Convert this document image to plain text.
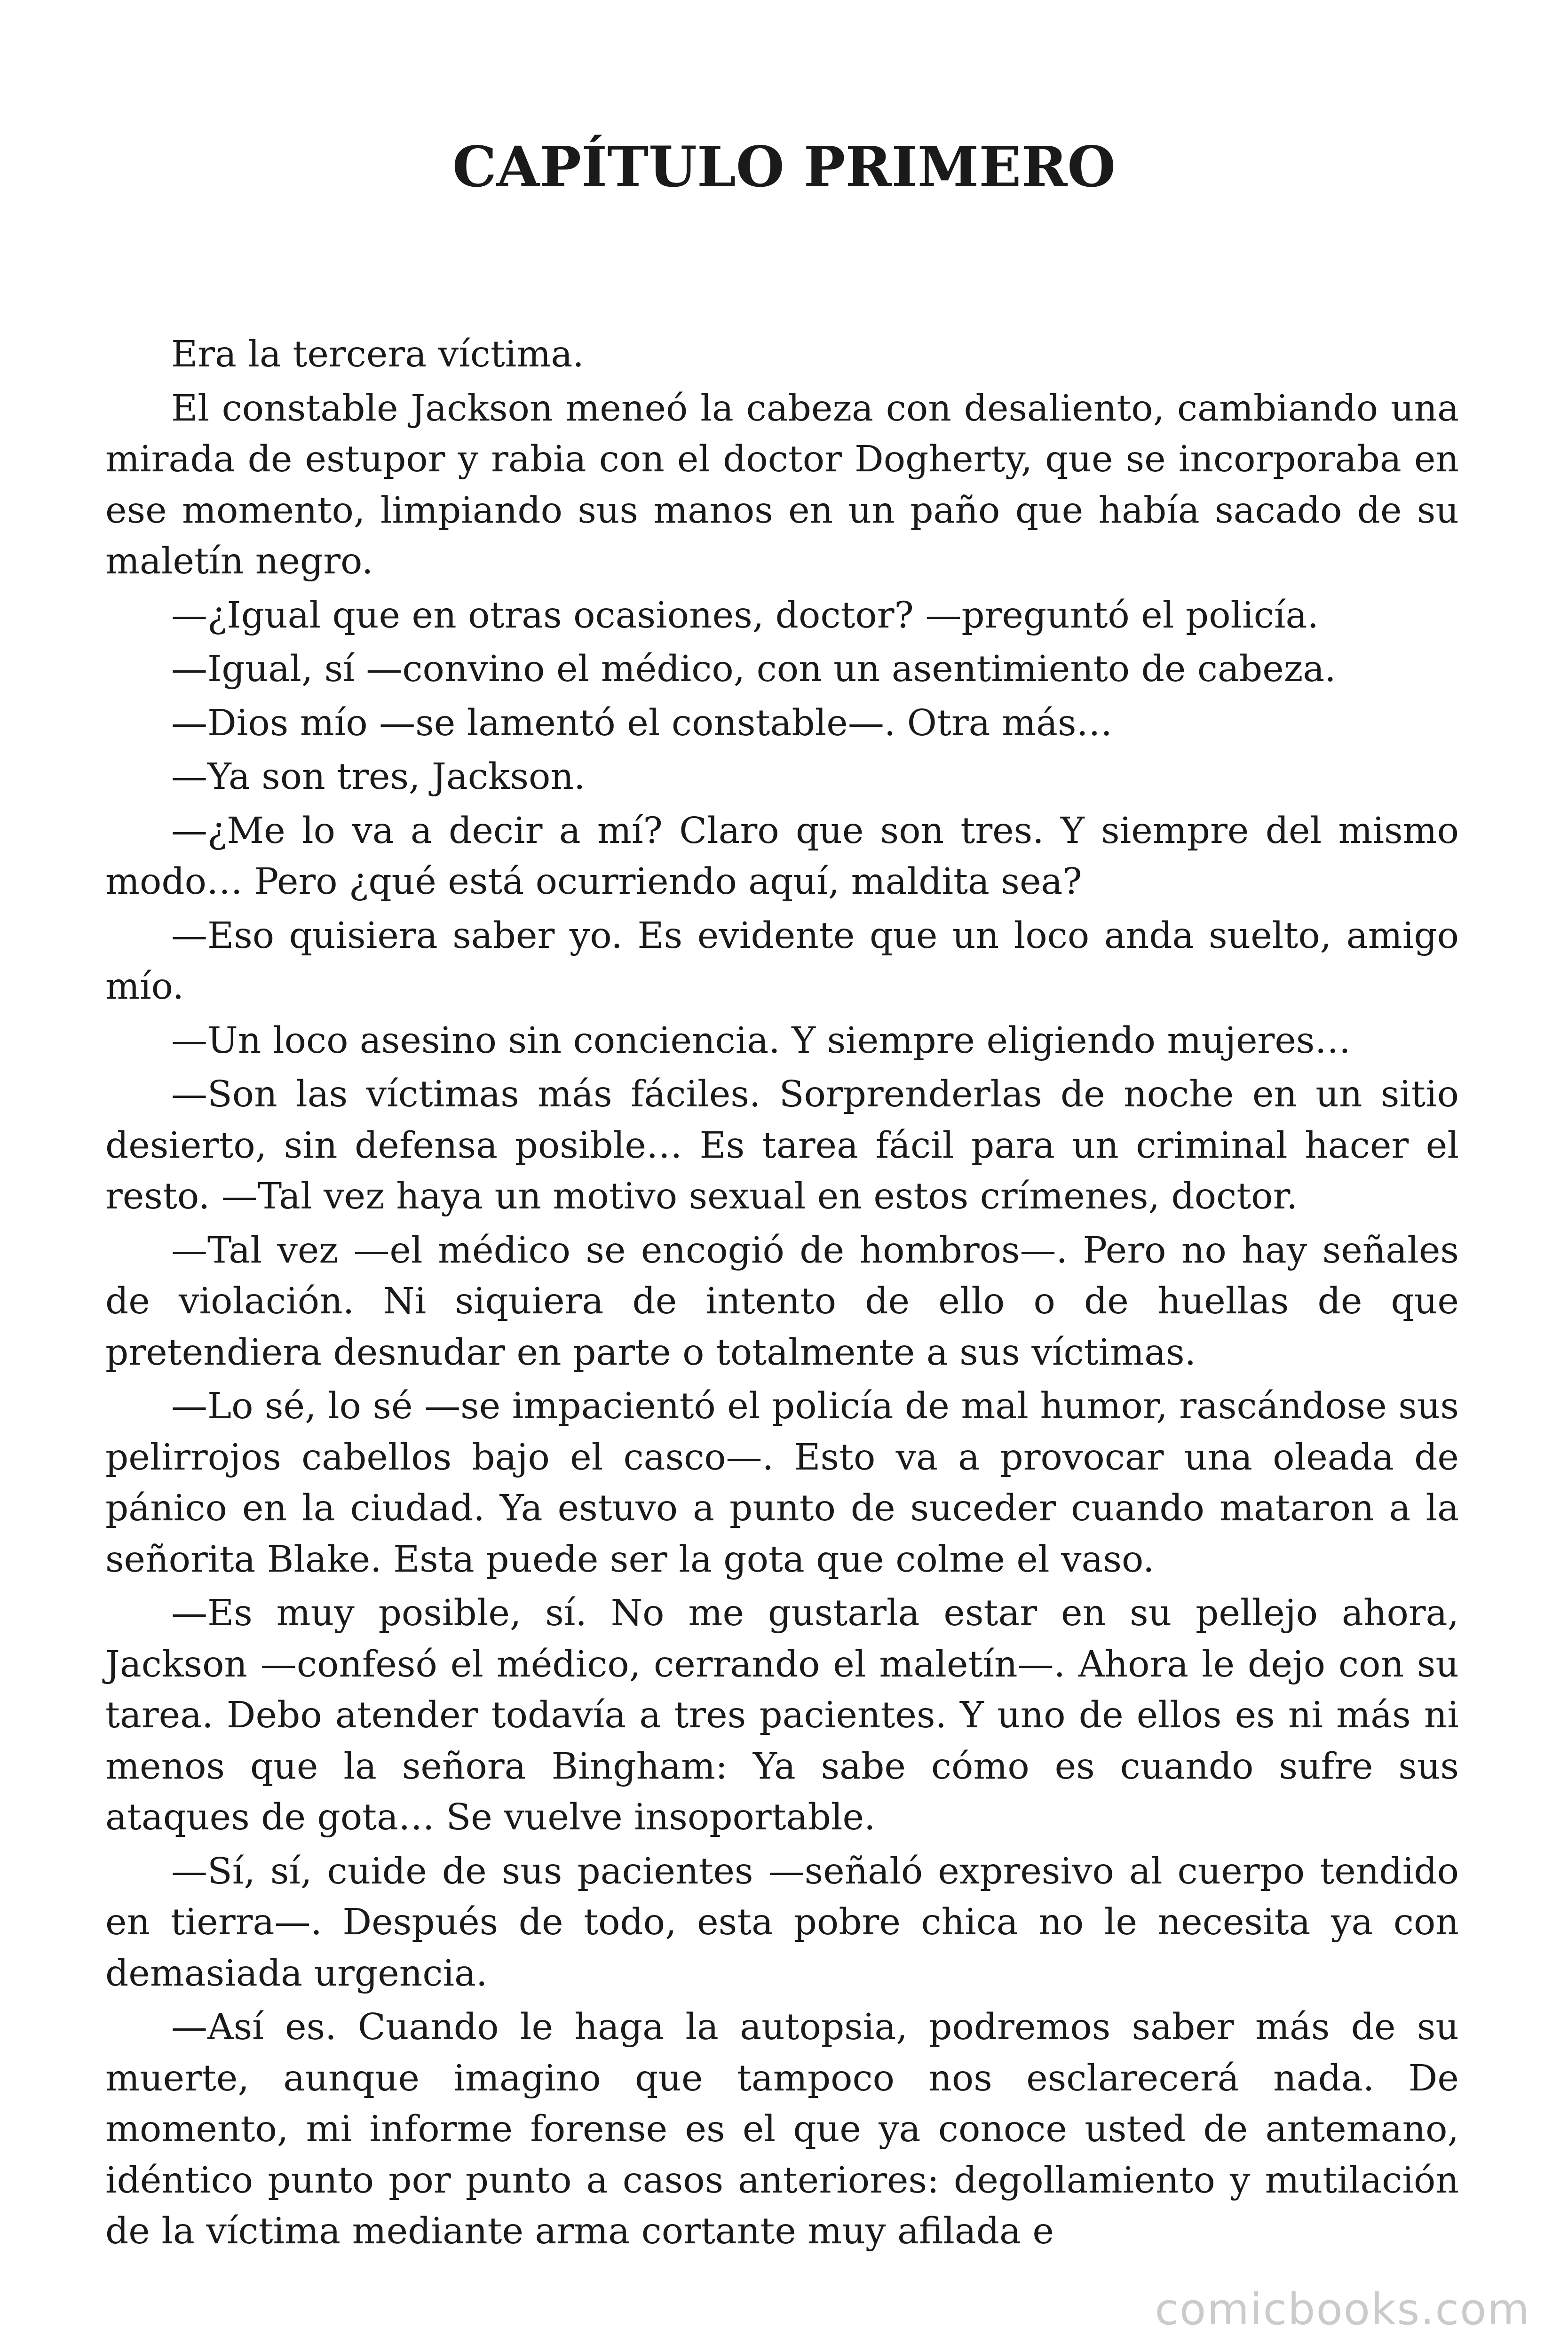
CAPÍTULO PRIMERO

Era la tercera víctima.

El constable Jackson meneó la cabeza con desaliento, cambiando una mirada de estupor y rabia con el doctor Dogherty, que se incorporaba en ese momento, limpiando sus manos en un paño que había sacado de su maletín negro.

—¿Igual que en otras ocasiones, doctor? —preguntó el policía.

—Igual, sí —convino el médico, con un asentimiento de cabeza.

—Dios mío —se lamentó el constable—. Otra más…

—Ya son tres, Jackson.

—¿Me lo va a decir a mí? Claro que son tres. Y siempre del mismo modo… Pero ¿qué está ocurriendo aquí, maldita sea?

—Eso quisiera saber yo. Es evidente que un loco anda suelto, amigo mío.

—Un loco asesino sin conciencia. Y siempre eligiendo mujeres…

—Son las víctimas más fáciles. Sorprenderlas de noche en un sitio desierto, sin defensa posible… Es tarea fácil para un criminal hacer el resto. —Tal vez haya un motivo sexual en estos crímenes, doctor.

—Tal vez —el médico se encogió de hombros—. Pero no hay señales de violación. Ni siquiera de intento de ello o de huellas de que pretendiera desnudar en parte o totalmente a sus víctimas.

—Lo sé, lo sé —se impacientó el policía de mal humor, rascándose sus pelirrojos cabellos bajo el casco—. Esto va a provocar una oleada de pánico en la ciudad. Ya estuvo a punto de suceder cuando mataron a la señorita Blake. Esta puede ser la gota que colme el vaso.

—Es muy posible, sí. No me gustarla estar en su pellejo ahora, Jackson —confesó el médico, cerrando el maletín—. Ahora le dejo con su tarea. Debo atender todavía a tres pacientes. Y uno de ellos es ni más ni menos que la señora Bingham: Ya sabe cómo es cuando sufre sus ataques de gota… Se vuelve insoportable.

—Sí, sí, cuide de sus pacientes —señaló expresivo al cuerpo tendido en tierra—. Después de todo, esta pobre chica no le necesita ya con demasiada urgencia.

—Así es. Cuando le haga la autopsia, podremos saber más de su muerte, aunque imagino que tampoco nos esclarecerá nada. De momento, mi informe forense es el que ya conoce usted de antemano, idéntico punto por punto a casos anteriores: degollamiento y mutilación de la víctima mediante arma cortante muy afilada e

comicbooks.com
